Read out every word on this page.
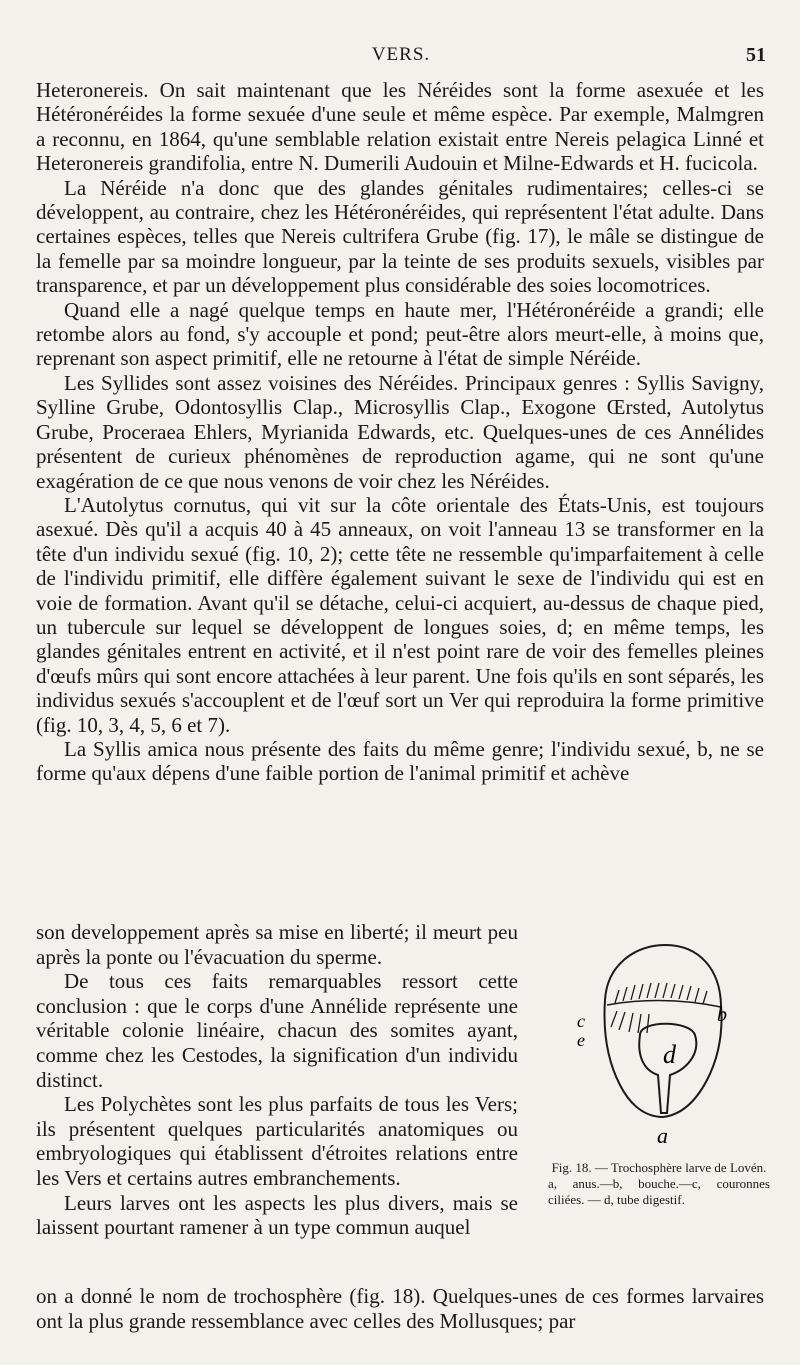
VERS.	51

Heteronereis. On sait maintenant que les Néréides sont la forme asexuée et les Hétéronéréides la forme sexuée d'une seule et même espèce. Par exemple, Malmgren a reconnu, en 1864, qu'une semblable relation existait entre Nereis pelagica Linné et Heteronereis grandifolia, entre N. Dumerili Audouin et Milne-Edwards et H. fucicola.

La Néréide n'a donc que des glandes génitales rudimentaires; celles-ci se développent, au contraire, chez les Hétéronéréides, qui représentent l'état adulte. Dans certaines espèces, telles que Nereis cultrifera Grube (fig. 17), le mâle se distingue de la femelle par sa moindre longueur, par la teinte de ses produits sexuels, visibles par transparence, et par un développement plus considérable des soies locomotrices.

Quand elle a nagé quelque temps en haute mer, l'Hétéronéréide a grandi; elle retombe alors au fond, s'y accouple et pond; peut-être alors meurt-elle, à moins que, reprenant son aspect primitif, elle ne retourne à l'état de simple Néréide.

Les Syllides sont assez voisines des Néréides. Principaux genres : Syllis Savigny, Sylline Grube, Odontosyllis Clap., Microsyllis Clap., Exogone Œrsted, Autolytus Grube, Proceraea Ehlers, Myrianida Edwards, etc. Quelques-unes de ces Annélides présentent de curieux phénomènes de reproduction agame, qui ne sont qu'une exagération de ce que nous venons de voir chez les Néréides.

L'Autolytus cornutus, qui vit sur la côte orientale des États-Unis, est toujours asexué. Dès qu'il a acquis 40 à 45 anneaux, on voit l'anneau 13 se transformer en la tête d'un individu sexué (fig. 10, 2); cette tête ne ressemble qu'imparfaitement à celle de l'individu primitif, elle diffère également suivant le sexe de l'individu qui est en voie de formation. Avant qu'il se détache, celui-ci acquiert, au-dessus de chaque pied, un tubercule sur lequel se développent de longues soies, d; en même temps, les glandes génitales entrent en activité, et il n'est point rare de voir des femelles pleines d'œufs mûrs qui sont encore attachées à leur parent. Une fois qu'ils en sont séparés, les individus sexués s'accouplent et de l'œuf sort un Ver qui reproduira la forme primitive (fig. 10, 3, 4, 5, 6 et 7).

La Syllis amica nous présente des faits du même genre; l'individu sexué, b, ne se forme qu'aux dépens d'une faible portion de l'animal primitif et achève

son developpement après sa mise en liberté; il meurt peu après la ponte ou l'évacuation du sperme.

De tous ces faits remarquables ressort cette conclusion : que le corps d'une Annélide représente une véritable colonie linéaire, chacun des somites ayant, comme chez les Cestodes, la signification d'un individu distinct.

Les Polychètes sont les plus parfaits de tous les Vers; ils présentent quelques particularités anatomiques ou embryologiques qui établissent d'étroites relations entre les Vers et certains autres embranchements.

Leurs larves ont les aspects les plus divers, mais se laissent pourtant ramener à un type commun auquel

on a donné le nom de trochosphère (fig. 18). Quelques-unes de ces formes larvaires ont la plus grande ressemblance avec celles des Mollusques; par

d
a
b
c
e
Fig. 18. — Trochosphère larve de Lovén.
a, anus.—b, bouche.—c, couronnes ciliées. — d, tube digestif.
